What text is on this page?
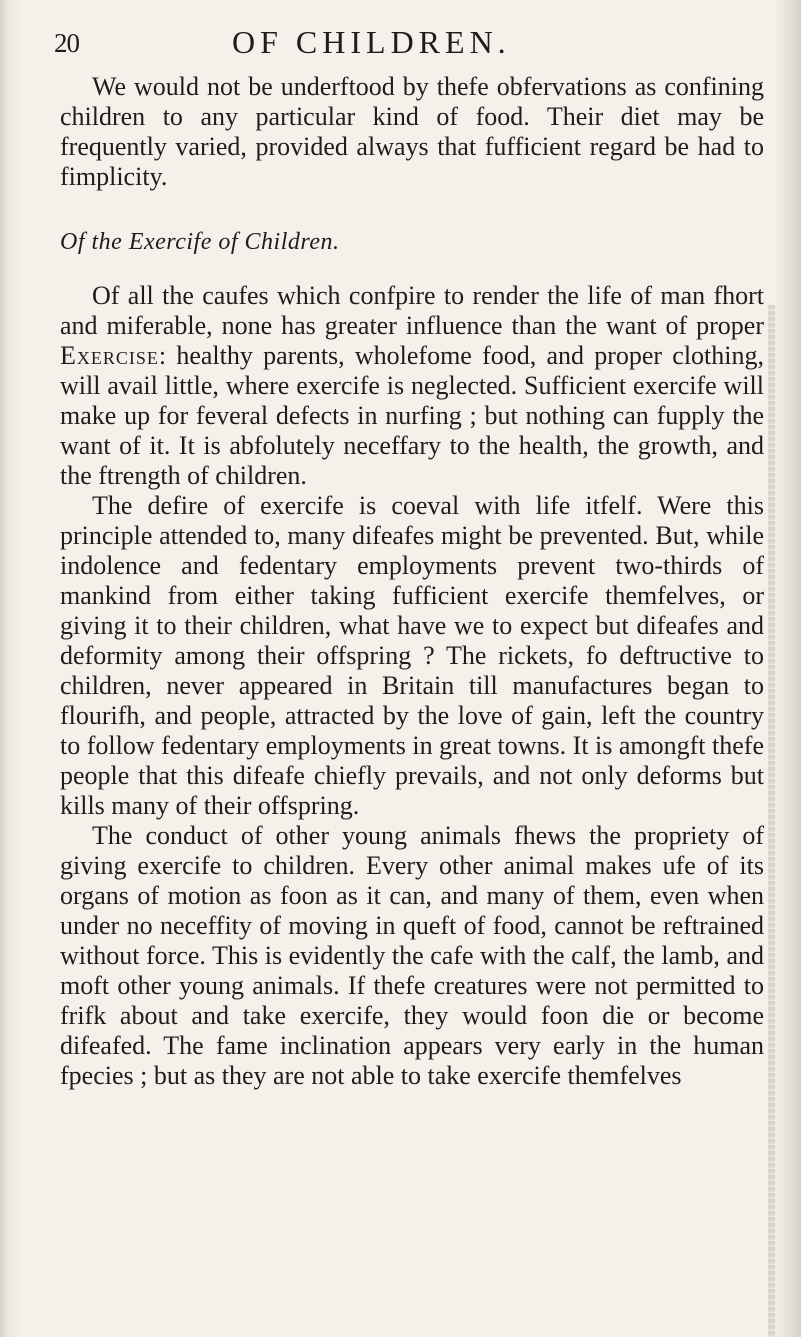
20	OF CHILDREN.

We would not be underftood by thefe obfervations as confining children to any particular kind of food. Their diet may be frequently varied, provided always that fufficient regard be had to fimplicity.

Of the Exercife of Children.

Of all the caufes which confpire to render the life of man fhort and miferable, none has greater influence than the want of proper Exercise: healthy parents, wholefome food, and proper clothing, will avail little, where exercife is neglected. Sufficient exercife will make up for feveral defects in nurfing ; but nothing can fupply the want of it. It is abfolutely neceffary to the health, the growth, and the ftrength of children.

The defire of exercife is coeval with life itfelf. Were this principle attended to, many difeafes might be prevented. But, while indolence and fedentary employments prevent two-thirds of mankind from either taking fufficient exercife themfelves, or giving it to their children, what have we to expect but difeafes and deformity among their offspring ? The rickets, fo deftructive to children, never appeared in Britain till manufactures began to flourifh, and people, attracted by the love of gain, left the country to follow fedentary employments in great towns. It is amongft thefe people that this difeafe chiefly prevails, and not only deforms but kills many of their offspring.

The conduct of other young animals fhews the propriety of giving exercife to children. Every other animal makes ufe of its organs of motion as foon as it can, and many of them, even when under no neceffity of moving in queft of food, cannot be reftrained without force. This is evidently the cafe with the calf, the lamb, and moft other young animals. If thefe creatures were not permitted to frifk about and take exercife, they would foon die or become difeafed. The fame inclination appears very early in the human fpecies ; but as they are not able to take exercife themfelves
